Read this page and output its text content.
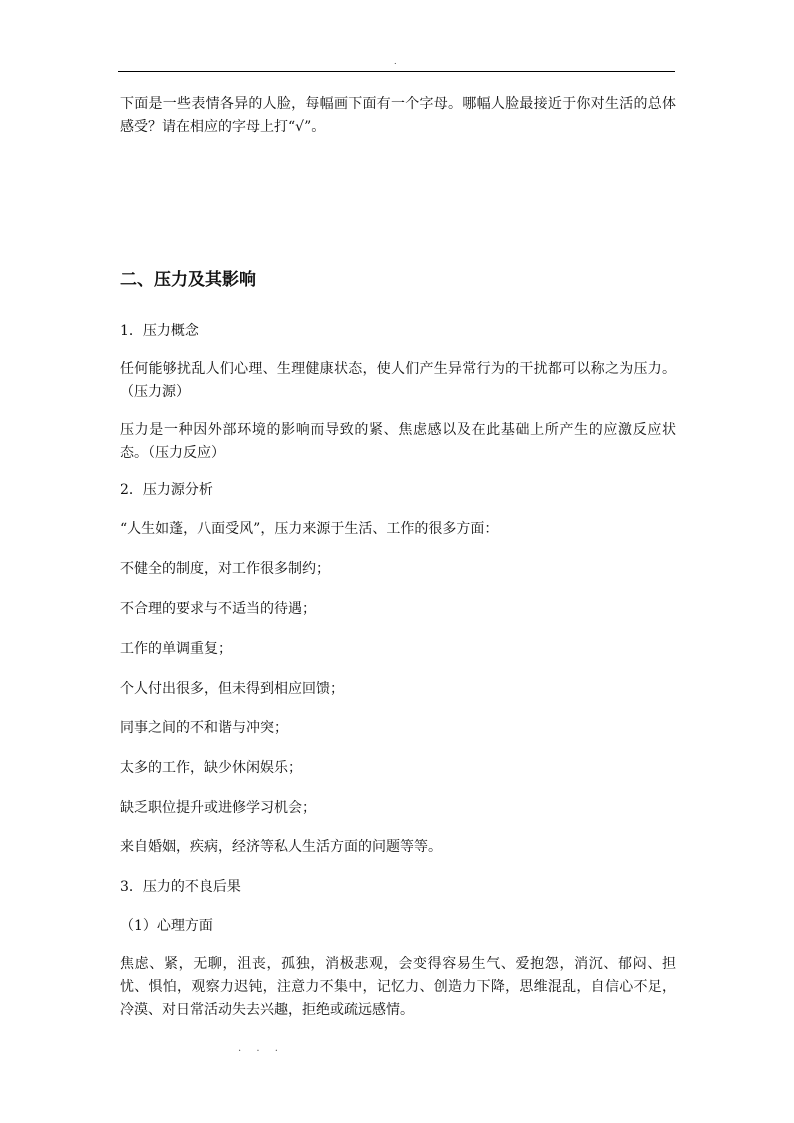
.

下面是一些表情各异的人脸，每幅画下面有一个字母。哪幅人脸最接近于你对生活的总体感受？请在相应的字母上打“√”。

二、压力及其影响

1．压力概念

任何能够扰乱人们心理、生理健康状态，使人们产生异常行为的干扰都可以称之为压力。（压力源）

压力是一种因外部环境的影响而导致的紧、焦虑感以及在此基础上所产生的应激反应状态。（压力反应）

2．压力源分析

“人生如蓬，八面受风”，压力来源于生活、工作的很多方面：

不健全的制度，对工作很多制约；

不合理的要求与不适当的待遇；

工作的单调重复；

个人付出很多，但未得到相应回馈；

同事之间的不和谐与冲突；

太多的工作，缺少休闲娱乐；

缺乏职位提升或进修学习机会；

来自婚姻，疾病，经济等私人生活方面的问题等等。

3．压力的不良后果

（1）心理方面

焦虑、紧，无聊，沮丧，孤独，消极悲观，会变得容易生气、爱抱怨，消沉、郁闷、担忧、惧怕，观察力迟钝，注意力不集中，记忆力、创造力下降，思维混乱，自信心不足，冷漠、对日常活动失去兴趣，拒绝或疏远感情。

. . .
